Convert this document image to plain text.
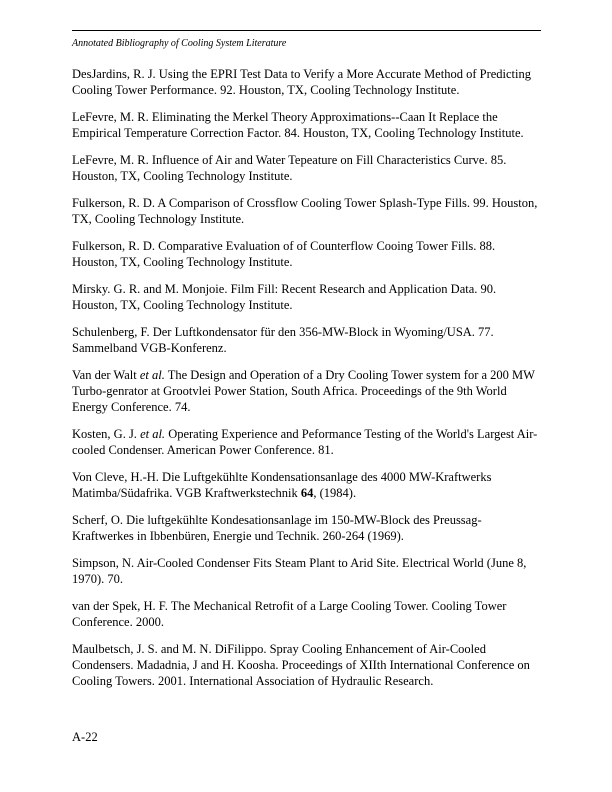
Annotated Bibliography of Cooling System Literature

DesJardins, R. J. Using the EPRI Test Data to Verify a More Accurate Method of Predicting Cooling Tower Performance. 92. Houston, TX, Cooling Technology Institute.

LeFevre, M. R. Eliminating the Merkel Theory Approximations--Caan It Replace the Empirical Temperature Correction Factor. 84. Houston, TX, Cooling Technology Institute.

LeFevre, M. R. Influence of Air and Water Tepeature on Fill Characteristics Curve. 85. Houston, TX, Cooling Technology Institute.

Fulkerson, R. D. A Comparison of Crossflow Cooling Tower Splash-Type Fills. 99. Houston, TX, Cooling Technology Institute.

Fulkerson, R. D. Comparative Evaluation of of Counterflow Cooing Tower Fills. 88. Houston, TX, Cooling Technology Institute.

Mirsky. G. R. and M. Monjoie. Film Fill: Recent Research and Application Data. 90. Houston, TX, Cooling Technology Institute.

Schulenberg, F. Der Luftkondensator für den 356-MW-Block in Wyoming/USA. 77. Sammelband VGB-Konferenz.

Van der Walt et al. The Design and Operation of a Dry Cooling Tower system for a 200 MW Turbo-genrator at Grootvlei Power Station, South Africa. Proceedings of the 9th World Energy Conference. 74.

Kosten, G. J. et al. Operating Experience and Peformance Testing of the World's Largest Air-cooled Condenser. American Power Conference. 81.

Von Cleve, H.-H. Die Luftgekühlte Kondensationsanlage des 4000 MW-Kraftwerks Matimba/Südafrika. VGB Kraftwerkstechnik 64, (1984).

Scherf, O. Die luftgekühlte Kondesationsanlage im 150-MW-Block des Preussag-Kraftwerkes in Ibbenbüren, Energie und Technik. 260-264 (1969).

Simpson, N. Air-Cooled Condenser Fits Steam Plant to Arid Site. Electrical World (June 8, 1970). 70.

van der Spek, H. F. The Mechanical Retrofit of a Large Cooling Tower. Cooling Tower Conference. 2000.

Maulbetsch, J. S. and M. N. DiFilippo. Spray Cooling Enhancement of Air-Cooled Condensers. Madadnia, J and H. Koosha. Proceedings of XIIth International Conference on Cooling Towers. 2001. International Association of Hydraulic Research.

A-22
